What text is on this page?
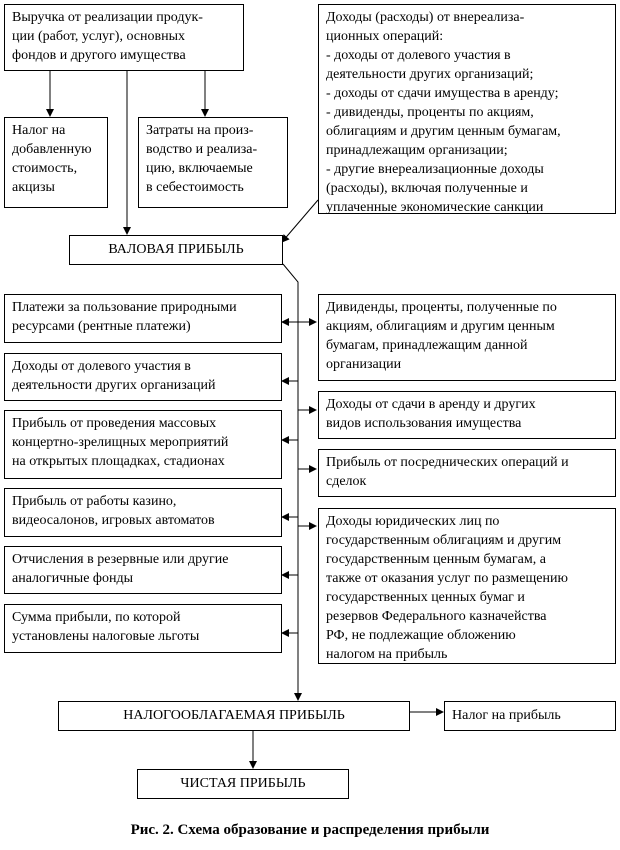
Выручка от реализации продук-
ции (работ, услуг), основных
фондов и другого имущества
Доходы (расходы) от внереализа-
ционных операций:
- доходы от долевого участия в
деятельности других организаций;
- доходы от сдачи имущества в аренду;
- дивиденды, проценты по акциям,
облигациям и другим ценным бумагам,
принадлежащим организации;
- другие внереализационные доходы
(расходы), включая полученные и
уплаченные экономические санкции
Налог на
добавленную
стоимость,
акцизы
Затраты на произ-
водство и реализа-
цию, включаемые
в себестоимость
ВАЛОВАЯ ПРИБЫЛЬ
Платежи за пользование природными
ресурсами (рентные платежи)
Доходы от долевого участия в
деятельности других организаций
Прибыль от проведения массовых
концертно-зрелищных мероприятий
на открытых площадках, стадионах
Прибыль от работы казино,
видеосалонов, игровых автоматов
Отчисления в резервные или другие
аналогичные фонды
Сумма прибыли, по которой
установлены налоговые льготы
Дивиденды, проценты, полученные по
акциям, облигациям и другим ценным
бумагам, принадлежащим данной
организации
Доходы от сдачи в аренду и других
видов использования имущества
Прибыль от посреднических операций и
сделок
Доходы юридических лиц по
государственным облигациям и другим
государственным ценным бумагам, а
также от оказания услуг по размещению
государственных ценных бумаг и
резервов Федерального казначейства
РФ, не подлежащие обложению
налогом на прибыль
НАЛОГООБЛАГАЕМАЯ ПРИБЫЛЬ	Налог на прибыль
ЧИСТАЯ ПРИБЫЛЬ
Рис. 2. Схема образование и распределения прибыли
